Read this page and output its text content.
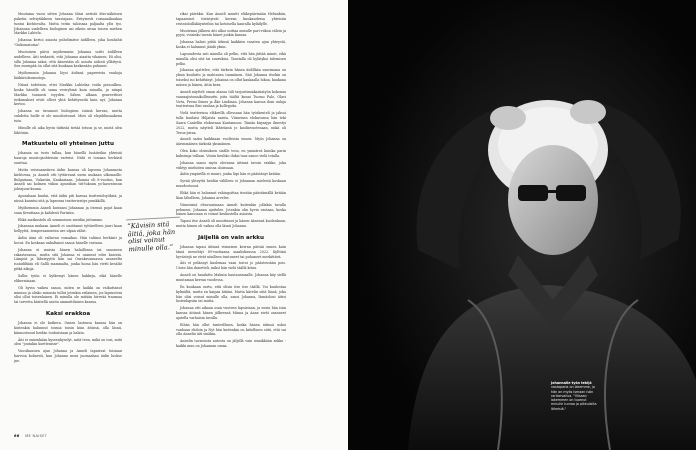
Muutama vuosi sitten Johanna tilasi netistä diss-näköisen paketin selviytäkkeen taustajaan. Erityisesti romaanikaukaa tuntui kiehtovalta. Mutta teitin taloissaa paljaalta ylös tyo. Johannan uudelleen biologinen sai oikein aivan toisen miehen Markku Lahtela.

Johanna kertoi asiasta puhelimitse äidilleen, joka houdahti "Onkomatoma".

Muotoinen päivä myöhemmin Johanna soitti äidilleen uudelleen. Äiti teidantti, että Johanna aiaatta vihainen. Hi olisi, silla Johanna sakoi, että äänestäin oli asioita aidosti yllättyvä. Sen enempää ön ollut sitä kuukaan keskenään puhunut.

Myöhemmin Johanna löysi äidinsä papereista vanhoja lääkäriolausuntoja.

Niissä todetinin, ettei Markku Lahtelaa voida poissulkea, koska hänellä oli sama veriryhmä kuin minulla, ja niinpä Markku tunnusti isyyden. Sähen alkaan genreettisei tutkimukset eivät olleet yhtä kehittyneitä kuin nyt, Johanna kertoo.

Johanna on tavannut biologisen isänsä kerran, mutta suhdetta heille ei ole muodostunut. Mies oli elejuhlinsaakena tutu.

Minulle oli aika hyvin tärkeää tietää totuus ja se, mistä olen lähtöisin.

Matkustelu oli yhteinen juttu

Johanna on tuvis tullaa, kun hänellä Isoäiteihin yhteisiä haaroja muistojaohteisiin varteisi. Niitä ei tosiaan herkästi ouuttaa.

Mutta reissuaantiren äidin kanssa oli lapsena Johannasta kiehtovaa, ja Anneli otti tyttärensä usein mukaan ulkomaille: Bulgariaan, Unkariin, Kaukasiaan. Johanna oli 8-vuotias, kun Anneli sai kolmen viikon apurahan tiit-lukuun yo-kasvatusun johtajuus-kuuna.

Apurahaan kuului, että äidin piti kasvaa teatteriolsyöksiä, ja niissä kuuntui sitä ja lapsensa teatteriesitys pemkkillä.

Myöhemmin Anneli kustansi Johannan ja itsensä pojat kaan suan Kreattaan ja kahdesti Pariisiin.

Ehkä matkustelu oli semmoinen meidän juttumme.

Johannan mukaan Anneli ei osoittanut tyttärelleen juuri kaan hellyyttä, tempersamentea ure ulpan rälist.

Äidin ääni oli valtavan vomaikas. Hän tuliinsi herkästi ja hovat. En koskaan unkaltanut sanoa hänelle vastaan.

Johanna ei muista hänen halaillensa tai sanoneen rakastavansa, mutta sitä Johanna ei osannut edes kaivata. Lämpöä ja läheisyyttä hän sai Ouraksvannassa asuneelta isoäidiltään eli Sallli mammalta, jonka luona hän vietti kesälät pitkä aikoja.

Sallin tytön ei kytkemyt hänen hakkeja, eikä hänelle elikeraisiaan.

Oli hyvin vaikea sanoa, miten se kaikki on vaikuttanut minuun ja olisko minusta tullut jotenkin erilainen, jos lapsuuteni olisi ollut toisenlainen. Ei minulla ole mitään hirveää traumaa tai tarvetta käsitellä asiota ammattilaisen kanssa.

Kaksi erakkoa

Johanna ei ole katkera. Omien lastensa kanssa hän on kuitenkin halunnut toimia toisin kuin äitinsä, olla läsnä, kiinnostunut heidän touhuistaan ja halata.

Äiti ei ennenkään kyseenkyselyt, mitä teen, mikä on tosi, mitä olen "joutakin koettenisse".

Vuosikausien ajan Johanna ja Anneli tapasivat toisiaan harvoin kolmesti, kun Johanna meni juomaahan äidin luokse jne.

”Kävisin sitä äitiä, joka hän olisi voinut minulle olla.”

rikai päiväksi. Kun Anneli muutti eläkepäivinään Helsinkiin, tapaamiset tiivistyivät kerran kuukaudessa yhteisiin ravintoloillakäynteihin tai kotoisella kauralla kyläilylle.

Muutenna jälkeen äiti alkoi soittaa minulle pari-viikon välein ja pyysi, voisinko tavata hänet jonkin kanssa.

Johanna halusi pitää äitinsä kaikkien vasaten ajan yhteystä, koska ei halunnut jäädä yksin.

Lapsuudesta asti minulla oli pelko, että hän jättää minut, eikä minulla olisi sitä tai suuruksia. Taustalla oli hylätyksi tulemisen pelko.

Johanna ajattelee, että tärkein hänen äidillään suurimana on yksin kuuluttu ja mahtavan tuumiinen. Sitä Johanna itsekin on toiseksi iso kehittänyt. Johanna on ollut kaukaalla lukua, kaukana mäsen ja hänen, äitin kera.

Anneli näytteli oman alansa tiili tarjoutimiakaisiatyön kokonaa vaaraajistonnikollisuuttu joita täältä kunni Tuomo Palo, Olavi Virta, Premi Simes ja Åke Lindman. Johanna kanssa ihan uulaja teatterinsa Bisi vanhaa ja kollegoita.

Vielä teatterissa eläkeellä ollessaan hän työskenteli ja jaksoi tulla kuulaisi Hiljaista naista, Viimeisen elokuvansa hän teki Saara Cantellin elokuvaan Kuutamoon. Tämän kirjaajyn ilmestyi 2022, mutta näytteli lähteänsä jo kuolinvuotenaan, mikä oli Teroa-jistaa.

Anneli saitoi kaikkiaan vuolteista ennen. Myös Johanna on äärimmäisen tärkeää yksinäinen.

Olen koko olemuksen sisälle teon, en ymmärrä kuinka parin kaksisuja tullaan. Voisin keuhko iluksi taas sanoo vielä totalla.

Johanna sanoo myös olevansa äitinsä tavoin erakko, joka viihtyy mieluiten omissa oloissaan.

Äidin ympärillä ei muuri, jonka läpi hän ei päästänyt ketään.

Syvää yhteyttä heidän välilleen ei Johannan mielestä koskaan muodostunut.

Ehkä hän ei halunnut vahingoittaa itseään päästämällä ketään liian lähelleen, Johanna arvelee.

Viimeisinä elinvuosinaan Anneli kuitenkin jollakin tavalla pehmeni, Johanna ajattelee. Jotenkin olin hyvin vastaan, koska hänen kanssaan ei voinut keskustella asioista.

Tapasi itse Anneli oli muuttunut ja hänen äänensä kuolenkaan, mutta hänen oli vaikea olla läsnä Johanna.

Jäljellä on vain arkku

Johanna tapasi äitinsä viimeisen kerran päivää ennen kuin tämä menehtyi 89-vuotiaana maaliskuussa 2022. Kylttinä hyvästejä ne eivät niinlleen tuntuneet tai puhuneet merkittävä.

Äiti ei pelännyt kuolemaa vaan toivoi jo päästessään pois. Usein hän ihmetteli, miksi hän vielä täällä kituu.

Anneli on haudattu Malmin hautausmaalle. Johanna käy siellä muutaman kerran vuodessa.

En kuukaan surtu, että olisin itse itse täällä. Voi kuulostaa kylmältä, mutta en kaipaa äitiäni. Mutta kävelin siitä läsnä, joka hän olisi voinut minulle olla, sanoi Johanna, läsnäoloni äitisi lastenlapsiin tai mutta.

Johanna otti aikaan osan vuoteen lapsistaan, ja ensin hän isän kanssa äitinsä hänen jälkeensä Minna ja Anne eivät osanneet ajatella varhaisin tavalla.

Eihän hän ollut tunteellinen, koska hänen äitinsä uskoi vanhaan ehdoin ja Nyt hän kuitenkin on kiitollinen siitä, että sai olla Annelin äiti sinäkin.

Annelin tavaroista autosta on jäljellä vain sinnikkään arkku - kaikki muu on Johannan omaa.

66 ME NAISET
Johannalle työn tekijä vastaparia on lakemme, ja hän on myös Ismaan isän raritarvailua. "Viisaan lakemmen on tuomut minulle turvaa ja pikkuisilta läheisiä."
